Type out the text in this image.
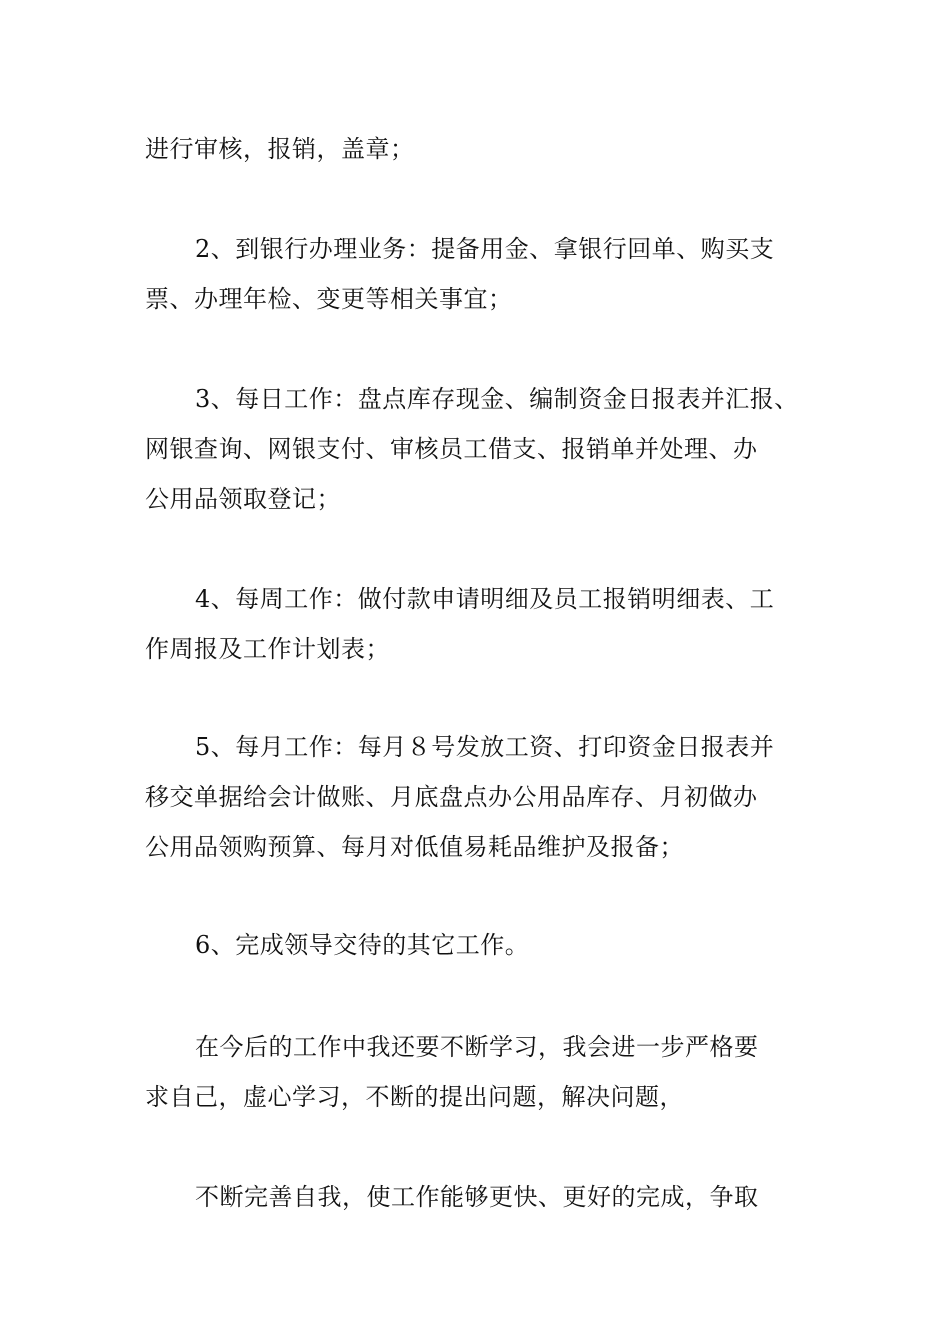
进行审核，报销，盖章；

2、到银行办理业务：提备用金、拿银行回单、购买支
票、办理年检、变更等相关事宜；

3、每日工作：盘点库存现金、编制资金日报表并汇报、
网银查询、网银支付、审核员工借支、报销单并处理、办
公用品领取登记；

4、每周工作：做付款申请明细及员工报销明细表、工
作周报及工作计划表；

5、每月工作：每月８号发放工资、打印资金日报表并
移交单据给会计做账、月底盘点办公用品库存、月初做办
公用品领购预算、每月对低值易耗品维护及报备；

6、完成领导交待的其它工作。

在今后的工作中我还要不断学习，我会进一步严格要
求自己，虚心学习，不断的提出问题，解决问题，

不断完善自我，使工作能够更快、更好的完成，争取
